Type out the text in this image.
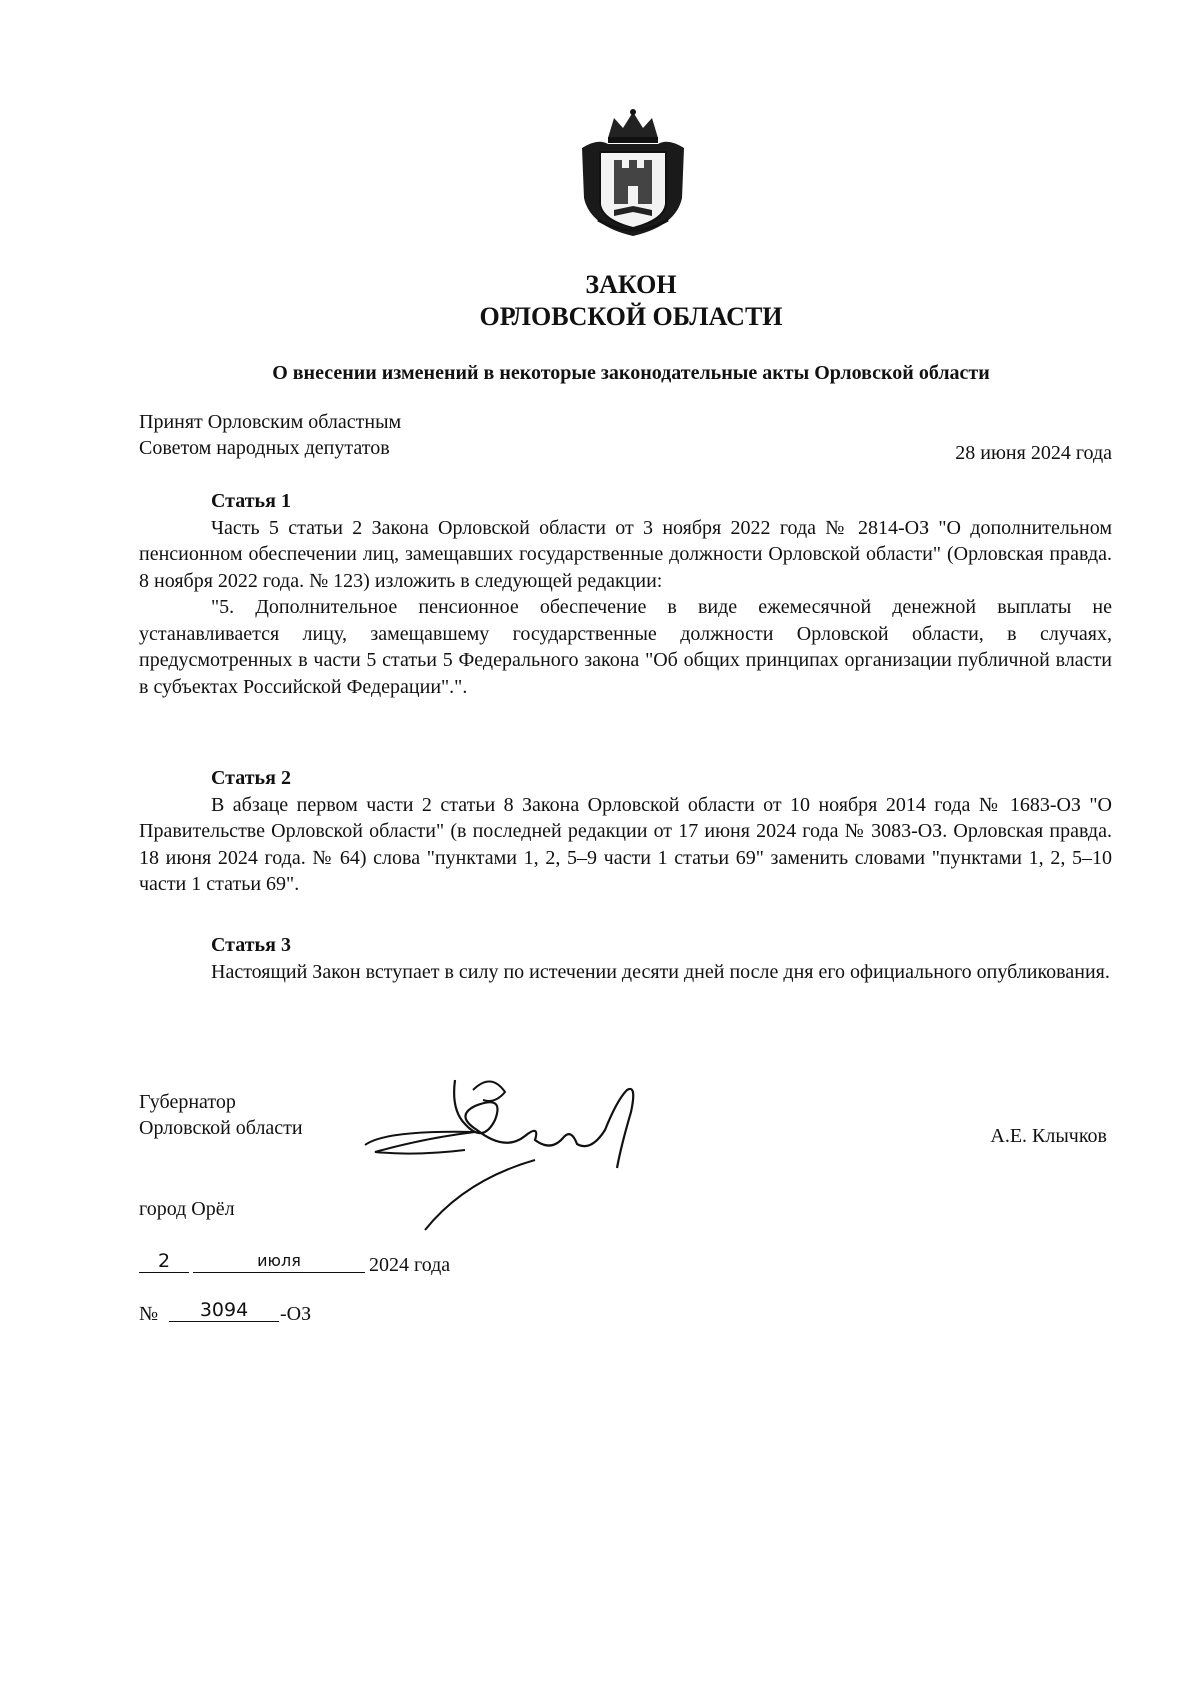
ЗАКОН
ОРЛОВСКОЙ ОБЛАСТИ
О внесении изменений в некоторые законодательные акты Орловской области
Принят Орловским областным
Советом народных депутатов	28 июня 2024 года
Статья 1

Часть 5 статьи 2 Закона Орловской области от 3 ноября 2022 года № 2814-ОЗ "О дополнительном пенсионном обеспечении лиц, замещавших государственные должности Орловской области" (Орловская правда. 8 ноября 2022 года. № 123) изложить в следующей редакции:

"5. Дополнительное пенсионное обеспечение в виде ежемесячной денежной выплаты не устанавливается лицу, замещавшему государственные должности Орловской области, в случаях, предусмотренных в части 5 статьи 5 Федерального закона "Об общих принципах организации публичной власти в субъектах Российской Федерации".".

Статья 2

В абзаце первом части 2 статьи 8 Закона Орловской области от 10 ноября 2014 года № 1683-ОЗ "О Правительстве Орловской области" (в последней редакции от 17 июня 2024 года № 3083-ОЗ. Орловская правда. 18 июня 2024 года. № 64) слова "пунктами 1, 2, 5–9 части 1 статьи 69" заменить словами "пунктами 1, 2, 5–10 части 1 статьи 69".

Статья 3

Настоящий Закон вступает в силу по истечении десяти дней после дня его официального опубликования.

Губернатор
Орловской области	А.Е. Клычков
город Орёл
2	июля	2024 года
№	3094	-ОЗ
